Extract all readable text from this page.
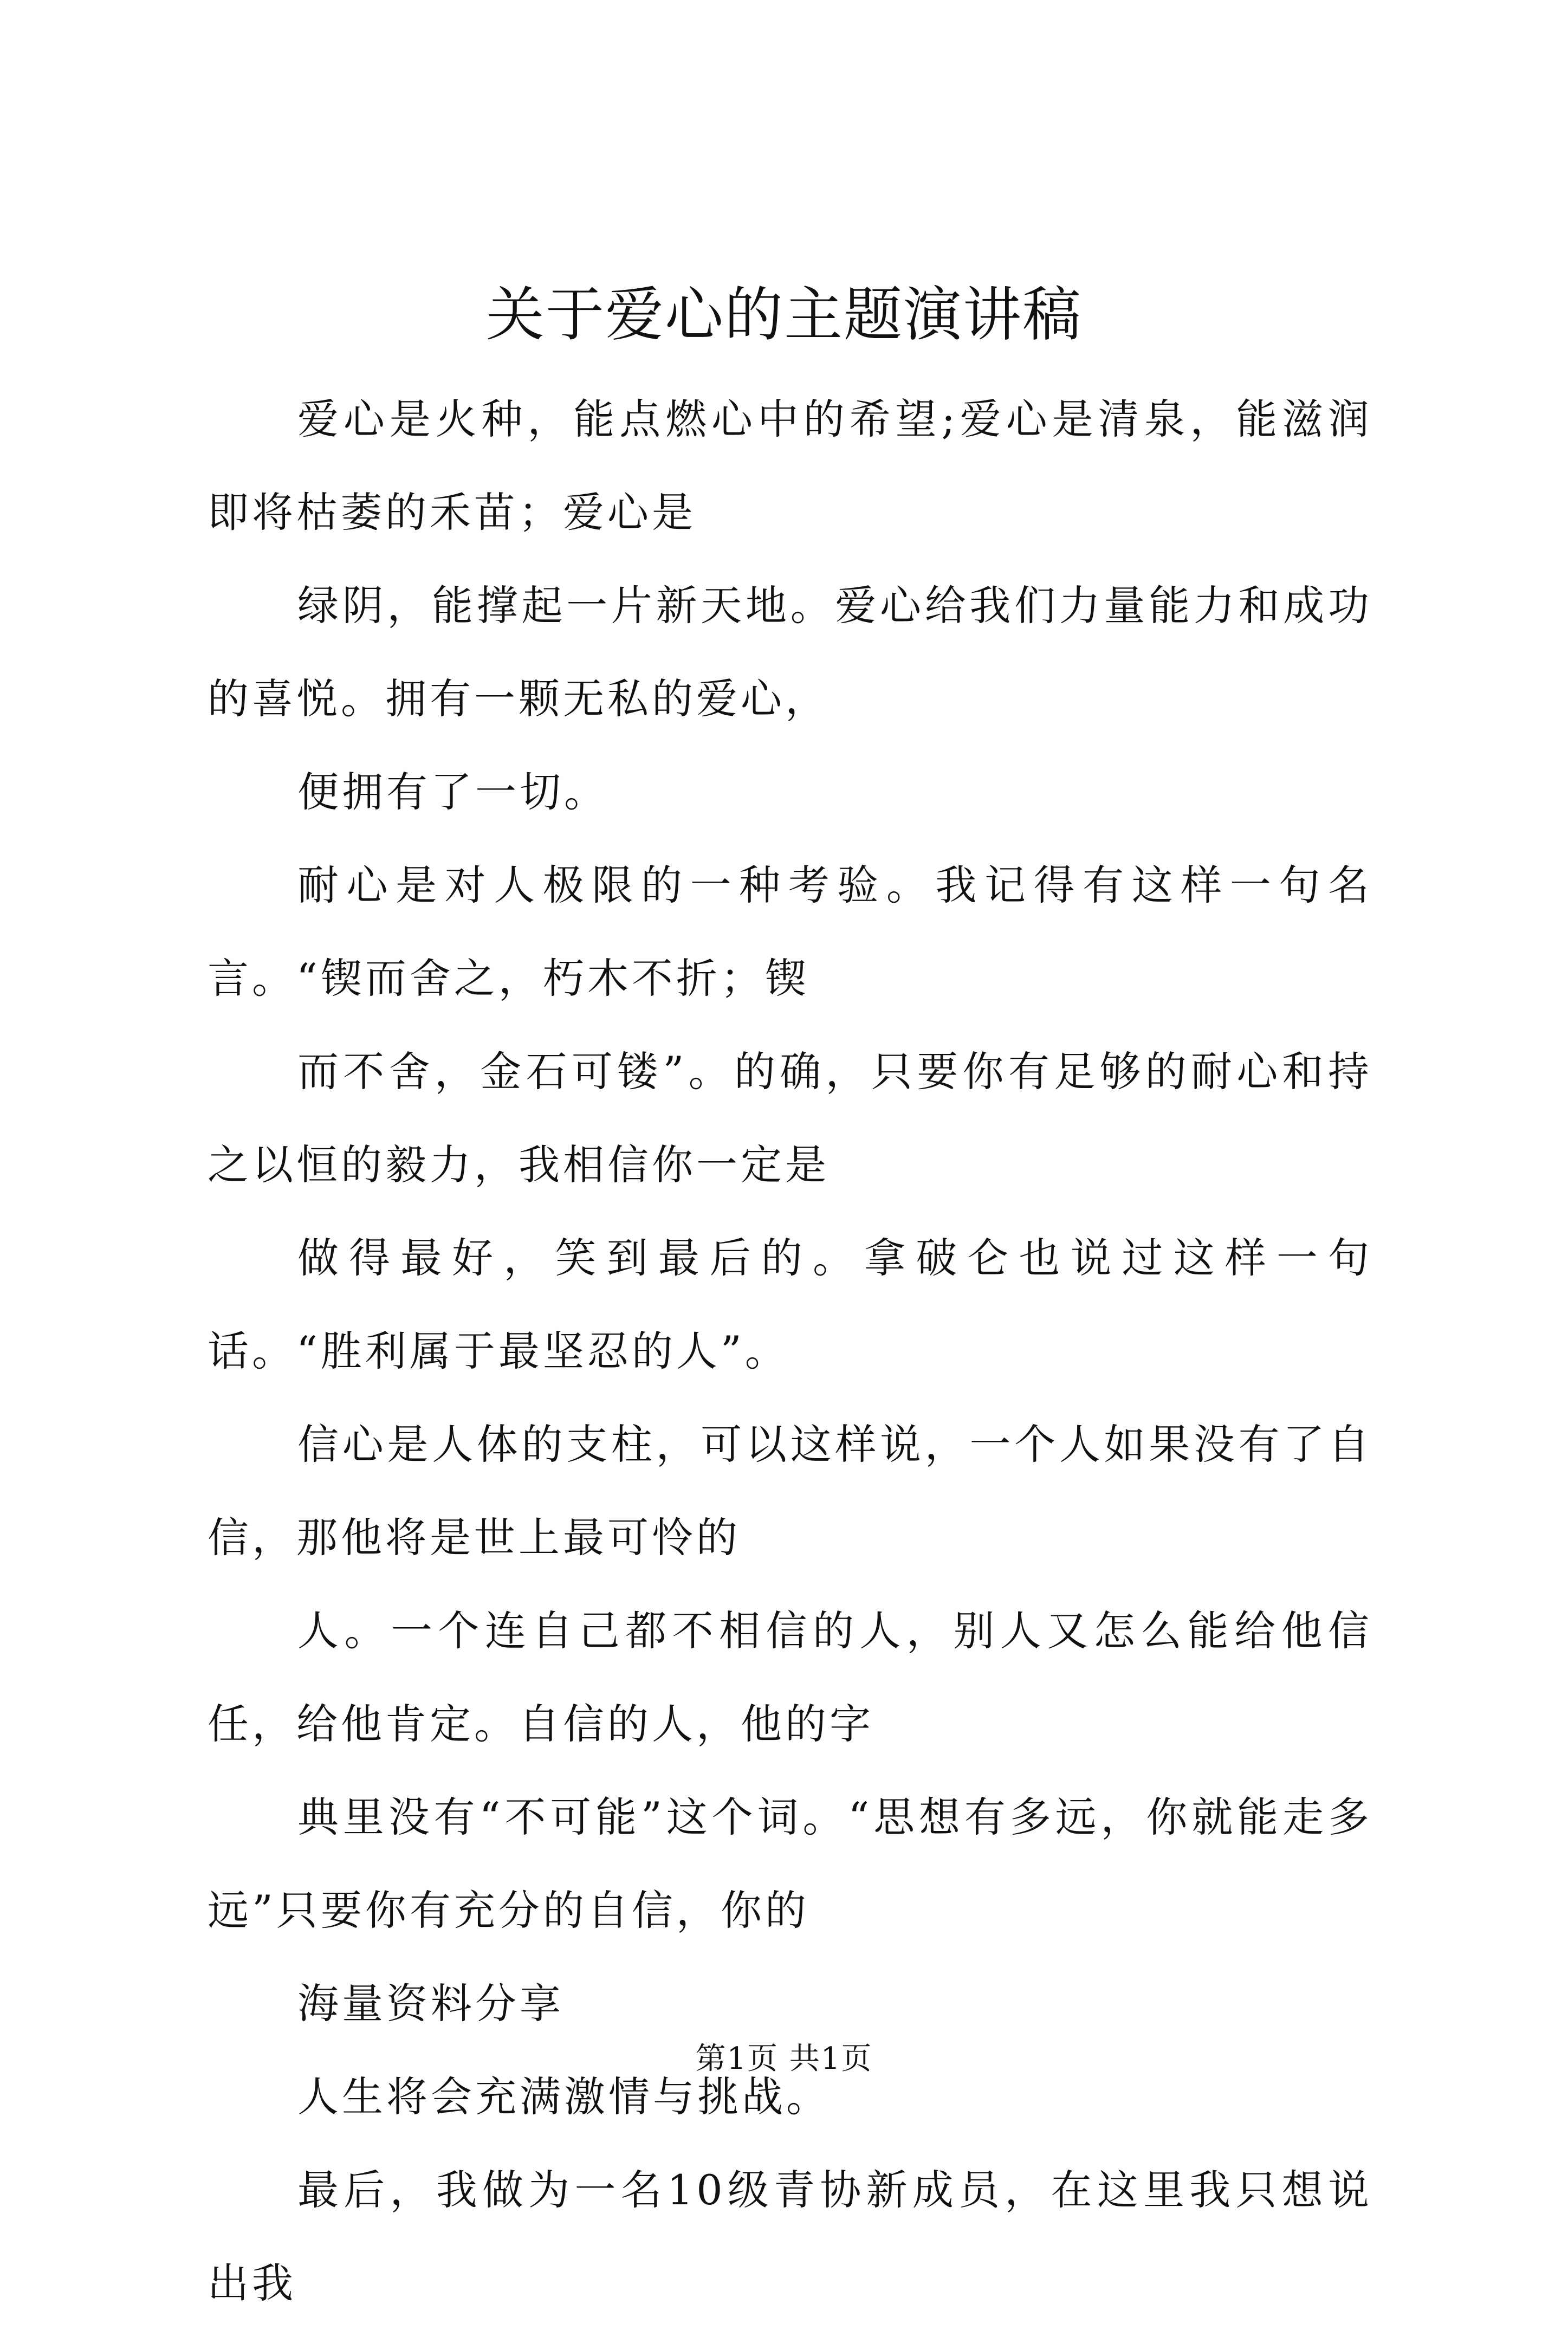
关于爱心的主题演讲稿

爱心是火种，能点燃心中的希望;爱心是清泉，能滋润即将枯萎的禾苗；爱心是

绿阴，能撑起一片新天地。爱心给我们力量能力和成功的喜悦。拥有一颗无私的爱心，

便拥有了一切。

耐心是对人极限的一种考验。我记得有这样一句名言。“锲而舍之，朽木不折；锲

而不舍，金石可镂”。的确，只要你有足够的耐心和持之以恒的毅力，我相信你一定是

做得最好，笑到最后的。拿破仑也说过这样一句话。“胜利属于最坚忍的人”。

信心是人体的支柱，可以这样说，一个人如果没有了自信，那他将是世上最可怜的

人。一个连自己都不相信的人，别人又怎么能给他信任，给他肯定。自信的人，他的字

典里没有“不可能”这个词。“思想有多远，你就能走多远”只要你有充分的自信，你的

海量资料分享

人生将会充满激情与挑战。

最后，我做为一名10级青协新成员，在这里我只想说出我

第1页 共1页
